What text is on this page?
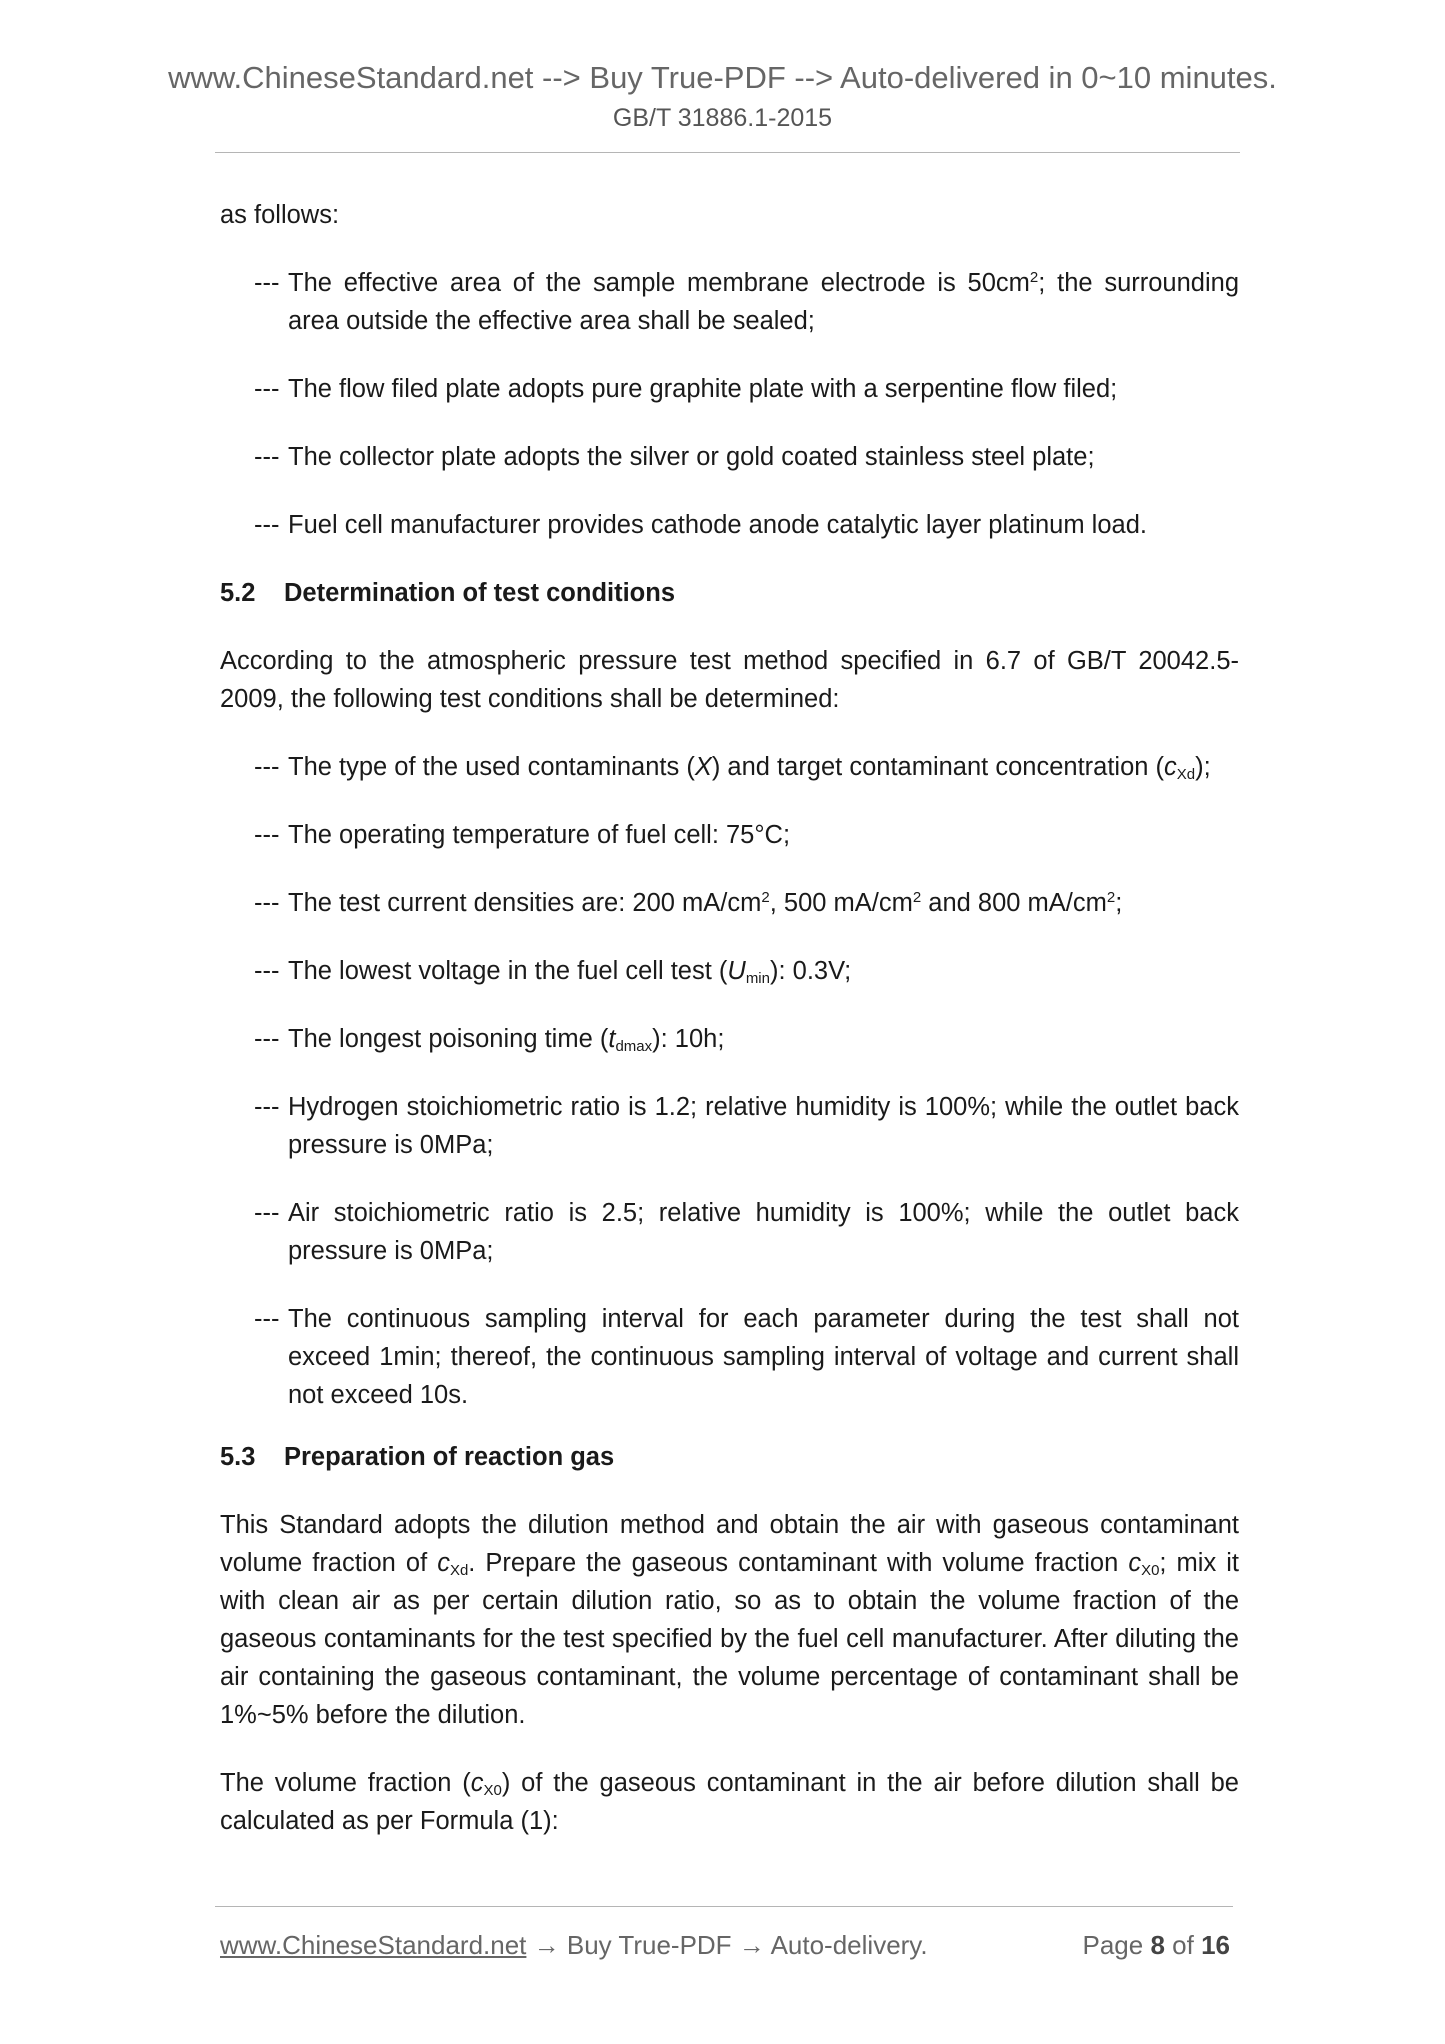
www.ChineseStandard.net --> Buy True-PDF --> Auto-delivered in 0~10 minutes.
GB/T 31886.1-2015

as follows:

--- The effective area of the sample membrane electrode is $50cm^2$; the surrounding area outside the effective area shall be sealed;
--- The flow filed plate adopts pure graphite plate with a serpentine flow filed;
--- The collector plate adopts the silver or gold coated stainless steel plate;
--- Fuel cell manufacturer provides cathode anode catalytic layer platinum load.
5.2 Determination of test conditions

According to the atmospheric pressure test method specified in 6.7 of GB/T 20042.5-2009, the following test conditions shall be determined:

--- The type of the used contaminants (X) and target contaminant concentration $(c_{Xd})$;
--- The operating temperature of fuel cell: 75°C;
--- The test current densities are: 200 $mA/cm^2$, 500 $mA/cm^2$ and 800 $mA/cm^2$;
--- The lowest voltage in the fuel cell test $(U_{min})$: 0.3V;
--- The longest poisoning time $(t_{dmax})$: 10h;
--- Hydrogen stoichiometric ratio is 1.2; relative humidity is 100%; while the outlet back pressure is 0MPa;
--- Air stoichiometric ratio is 2.5; relative humidity is 100%; while the outlet back pressure is 0MPa;
--- The continuous sampling interval for each parameter during the test shall not exceed 1min; thereof, the continuous sampling interval of voltage and current shall not exceed 10s.
5.3 Preparation of reaction gas

This Standard adopts the dilution method and obtain the air with gaseous contaminant volume fraction of $c_{Xd}$. Prepare the gaseous contaminant with volume fraction $c_{X0}$; mix it with clean air as per certain dilution ratio, so as to obtain the volume fraction of the gaseous contaminants for the test specified by the fuel cell manufacturer. After diluting the air containing the gaseous contaminant, the volume percentage of contaminant shall be 1%~5% before the dilution.

The volume fraction $(c_{X0})$ of the gaseous contaminant in the air before dilution shall be calculated as per Formula (1):

www.ChineseStandard.net → Buy True-PDF → Auto-delivery.	Page 8 of 16
